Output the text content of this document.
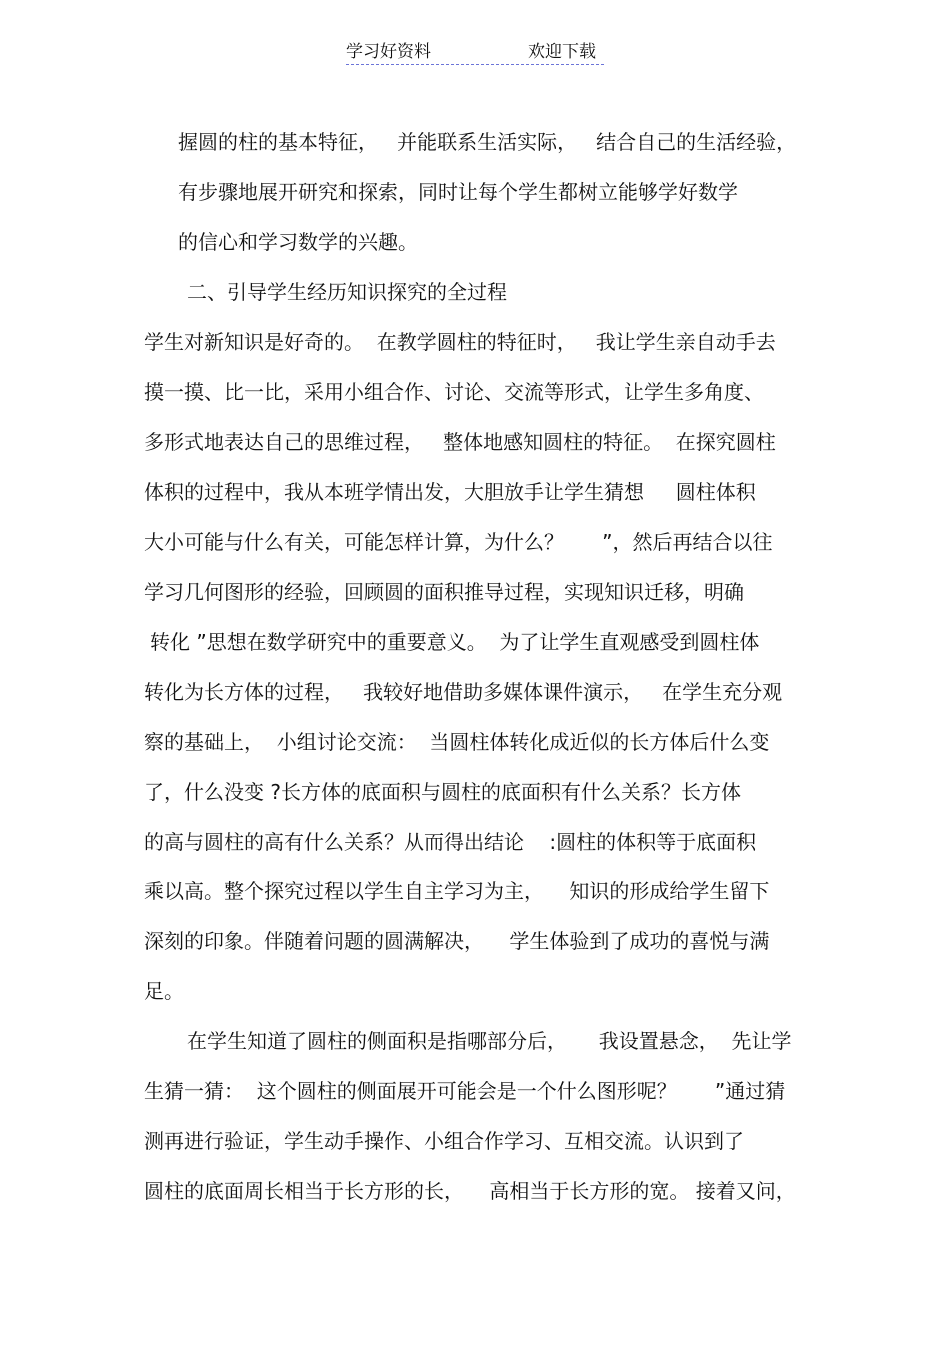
学习好资料	欢迎下载
握圆的柱的基本特征，   并能联系生活实际，   结合自己的生活经验，
有步骤地展开研究和探索，同时让每个学生都树立能够学好数学
的信心和学习数学的兴趣。
二、引导学生经历知识探究的全过程
学生对新知识是好奇的。  在教学圆柱的特征时，   我让学生亲自动手去
摸一摸、比一比，采用小组合作、讨论、交流等形式，让学生多角度、
多形式地表达自己的思维过程，   整体地感知圆柱的特征。  在探究圆柱
体积的过程中，我从本班学情出发，大胆放手让学生猜想     圆柱体积
大小可能与什么有关，可能怎样计算，为什么？      ”，然后再结合以往
学习几何图形的经验，回顾圆的面积推导过程，实现知识迁移，明确
转化 ”思想在数学研究中的重要意义。  为了让学生直观感受到圆柱体
转化为长方体的过程，   我较好地借助多媒体课件演示，   在学生充分观
察的基础上，  小组讨论交流：  当圆柱体转化成近似的长方体后什么变
了，什么没变 ?长方体的底面积与圆柱的底面积有什么关系？长方体
的高与圆柱的高有什么关系？从而得出结论    :圆柱的体积等于底面积
乘以高。整个探究过程以学生自主学习为主，    知识的形成给学生留下
深刻的印象。伴随着问题的圆满解决，    学生体验到了成功的喜悦与满
足。
在学生知道了圆柱的侧面积是指哪部分后，     我设置悬念，  先让学
生猜一猜：  这个圆柱的侧面展开可能会是一个什么图形呢？      ”通过猜
测再进行验证，学生动手操作、小组合作学习、互相交流。认识到了
圆柱的底面周长相当于长方形的长，    高相当于长方形的宽。 接着又问，
